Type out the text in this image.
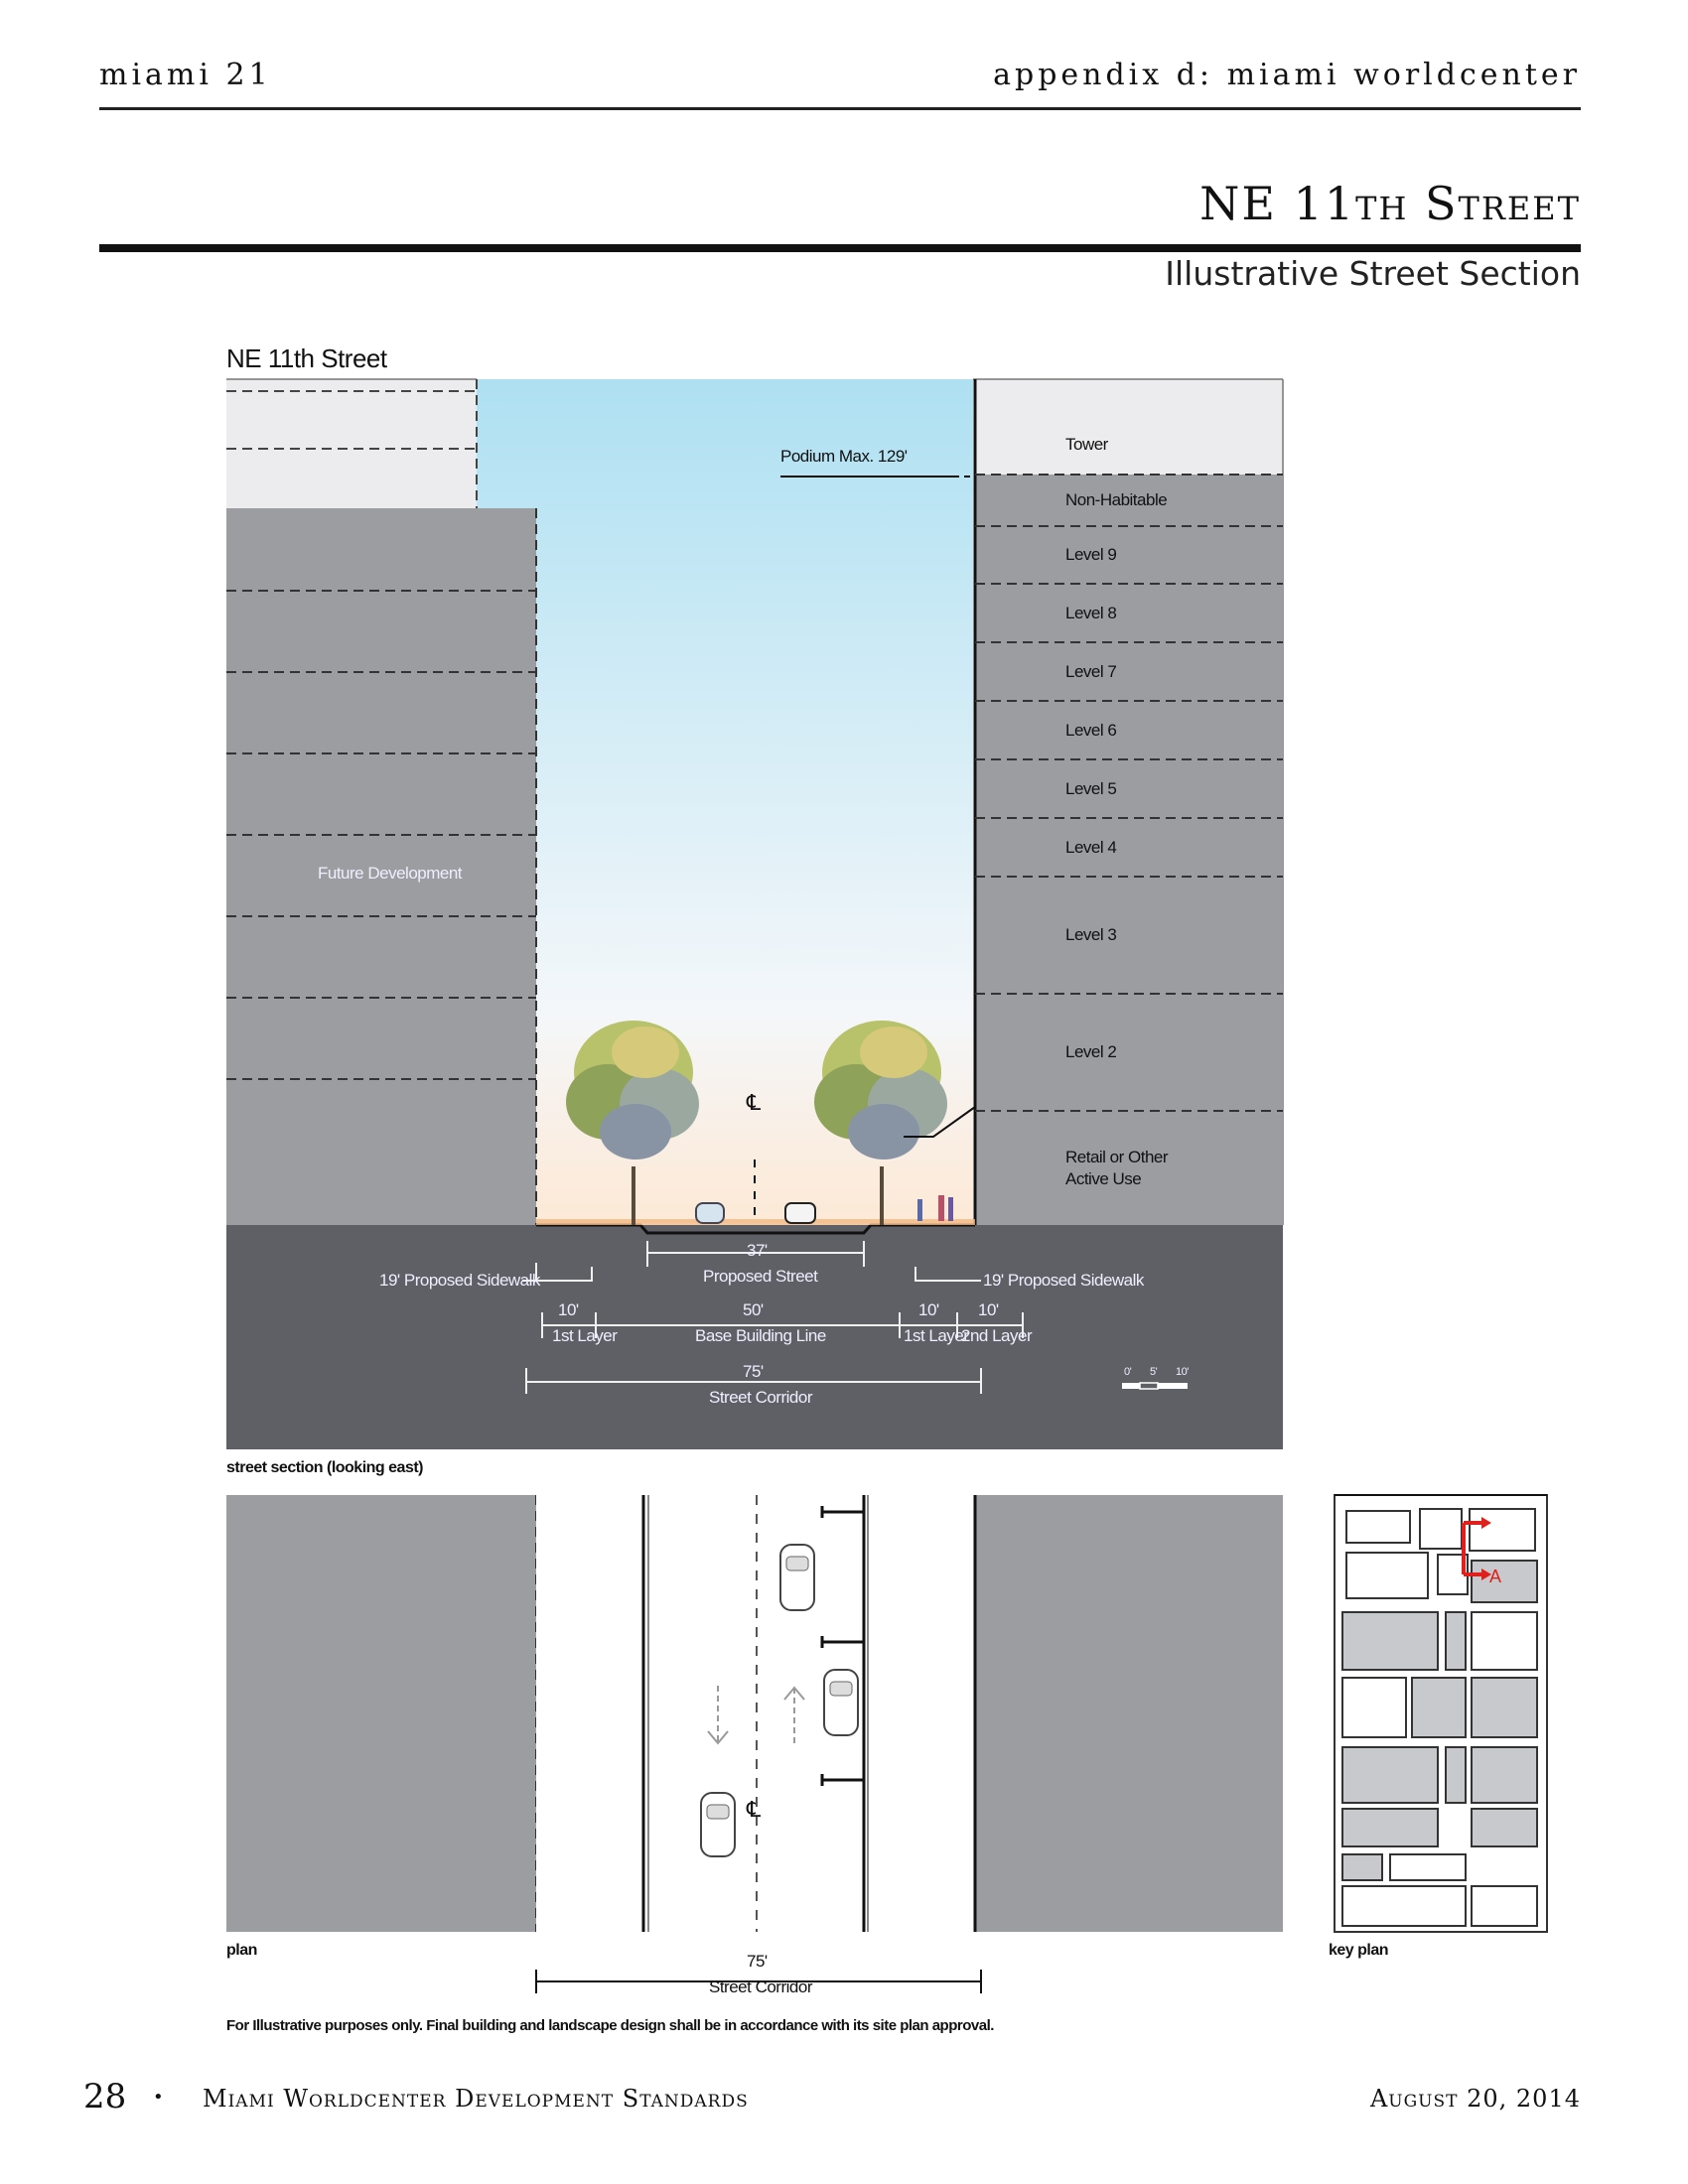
miami 21	appendix d: miami worldcenter
NE 11th Street
Illustrative Street Section
NE 11th Street
Podium Max. 129'
Future Development
℄
℄
Tower
Non-Habitable
Level 9
Level 8
Level 7
Level 6
Level 5
Level 4
Level 3
Level 2
Retail or Other
Active Use
37'
Proposed Street
19' Proposed Sidewalk	19' Proposed Sidewalk
10'
1st Layer
50'
Base Building Line
10'
1st Layer
10'
2nd Layer
75'
Street Corridor
0' 5' 10'
street section (looking east)
plan
75'
Street Corridor
key plan
A
For Illustrative purposes only. Final building and landscape design shall be in accordance with its site plan approval.
28 • Miami Worldcenter Development Standards	August 20, 2014
